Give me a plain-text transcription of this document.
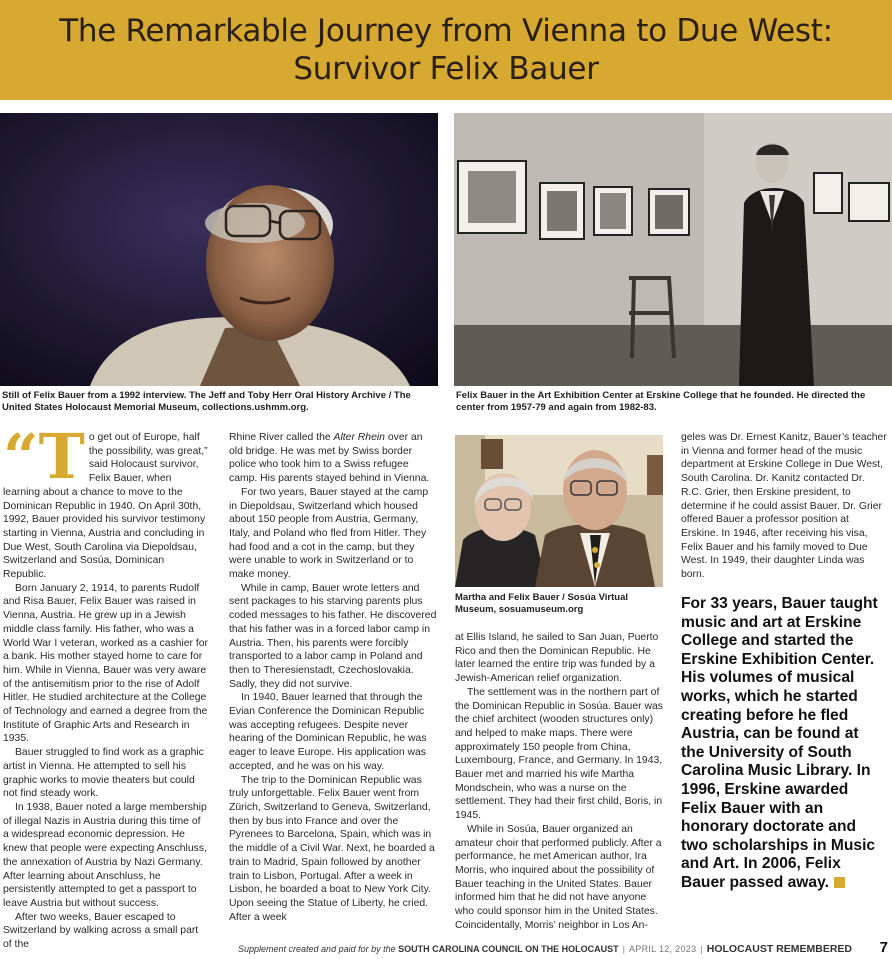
The Remarkable Journey from Vienna to Due West:
Survivor Felix Bauer
Still of Felix Bauer from a 1992 interview. The Jeff and Toby Herr Oral History Archive / The United States Holocaust Memorial Museum, collections.ushmm.org.
Felix Bauer in the Art Exhibition Center at Erskine College that he founded. He directed the center from 1957-79 and again from 1982-83.

“To get out of Europe, half the possibility, was great,” said Holocaust survivor, Felix Bauer, when learning about a chance to move to the Dominican Republic in 1940. On April 30th, 1992, Bauer provided his survivor testimony starting in Vienna, Austria and concluding in Due West, South Carolina via Diepoldsau, Switzerland and Sosúa, Dominican Republic.

Born January 2, 1914, to parents Rudolf and Risa Bauer, Felix Bauer was raised in Vienna, Austria. He grew up in a Jewish middle class family. His father, who was a World War I veteran, worked as a cashier for a bank. His mother stayed home to care for him. While in Vienna, Bauer was very aware of the antisemitism prior to the rise of Adolf Hitler. He studied architecture at the College of Technology and earned a degree from the Institute of Graphic Arts and Research in 1935.

Bauer struggled to find work as a graphic artist in Vienna. He attempted to sell his graphic works to movie theaters but could not find steady work.

In 1938, Bauer noted a large membership of illegal Nazis in Austria during this time of a widespread economic depression. He knew that people were expecting Anschluss, the annexation of Austria by Nazi Germany. After learning about Anschluss, he persistently attempted to get a passport to leave Austria but without success.

After two weeks, Bauer escaped to Switzerland by walking across a small part of the

Rhine River called the Alter Rhein over an old bridge. He was met by Swiss border police who took him to a Swiss refugee camp. His parents stayed behind in Vienna.

For two years, Bauer stayed at the camp in Diepoldsau, Switzerland which housed about 150 people from Austria, Germany, Italy, and Poland who fled from Hitler. They had food and a cot in the camp, but they were unable to work in Switzerland or to make money.

While in camp, Bauer wrote letters and sent packages to his starving parents plus coded messages to his father. He discovered that his father was in a forced labor camp in Austria. Then, his parents were forcibly transported to a labor camp in Poland and then to Theresienstadt, Czechoslovakia. Sadly, they did not survive.

In 1940, Bauer learned that through the Evian Conference the Dominican Republic was accepting refugees. Despite never hearing of the Dominican Republic, he was eager to leave Europe. His application was accepted, and he was on his way.

The trip to the Dominican Republic was truly unforgettable. Felix Bauer went from Zürich, Switzerland to Geneva, Switzerland, then by bus into France and over the Pyrenees to Barcelona, Spain, which was in the middle of a Civil War. Next, he boarded a train to Madrid, Spain followed by another train to Lisbon, Portugal. After a week in Lisbon, he boarded a boat to New York City. Upon seeing the Statue of Liberty, he cried. After a week

Martha and Felix Bauer / Sosúa Virtual Museum, sosuamuseum.org

at Ellis Island, he sailed to San Juan, Puerto Rico and then the Dominican Republic. He later learned the entire trip was funded by a Jewish-American relief organization.

The settlement was in the northern part of the Dominican Republic in Sosúa. Bauer was the chief architect (wooden structures only) and helped to make maps. There were approximately 150 people from China, Luxembourg, France, and Germany. In 1943, Bauer met and married his wife Martha Mondschein, who was a nurse on the settlement. They had their first child, Boris, in 1945.

While in Sosúa, Bauer organized an amateur choir that performed publicly. After a performance, he met American author, Ira Morris, who inquired about the possibility of Bauer teaching in the United States. Bauer informed him that he did not have anyone who could sponsor him in the United States. Coincidentally, Morris’ neighbor in Los An-

geles was Dr. Ernest Kanitz, Bauer’s teacher in Vienna and former head of the music department at Erskine College in Due West, South Carolina. Dr. Kanitz contacted Dr. R.C. Grier, then Erskine president, to determine if he could assist Bauer. Dr. Grier offered Bauer a professor position at Erskine. In 1946, after receiving his visa, Felix Bauer and his family moved to Due West. In 1949, their daughter Linda was born.

For 33 years, Bauer taught music and art at Erskine College and started the Erskine Exhibition Center. His volumes of musical works, which he started creating before he fled Austria, can be found at the University of South Carolina Music Library. In 1996, Erskine awarded Felix Bauer with an honorary doctorate and two scholarships in Music and Art. In 2006, Felix Bauer passed away.
Supplement created and paid for by the SOUTH CAROLINA COUNCIL ON THE HOLOCAUST | APRIL 12, 2023 | HOLOCAUST REMEMBERED 7
